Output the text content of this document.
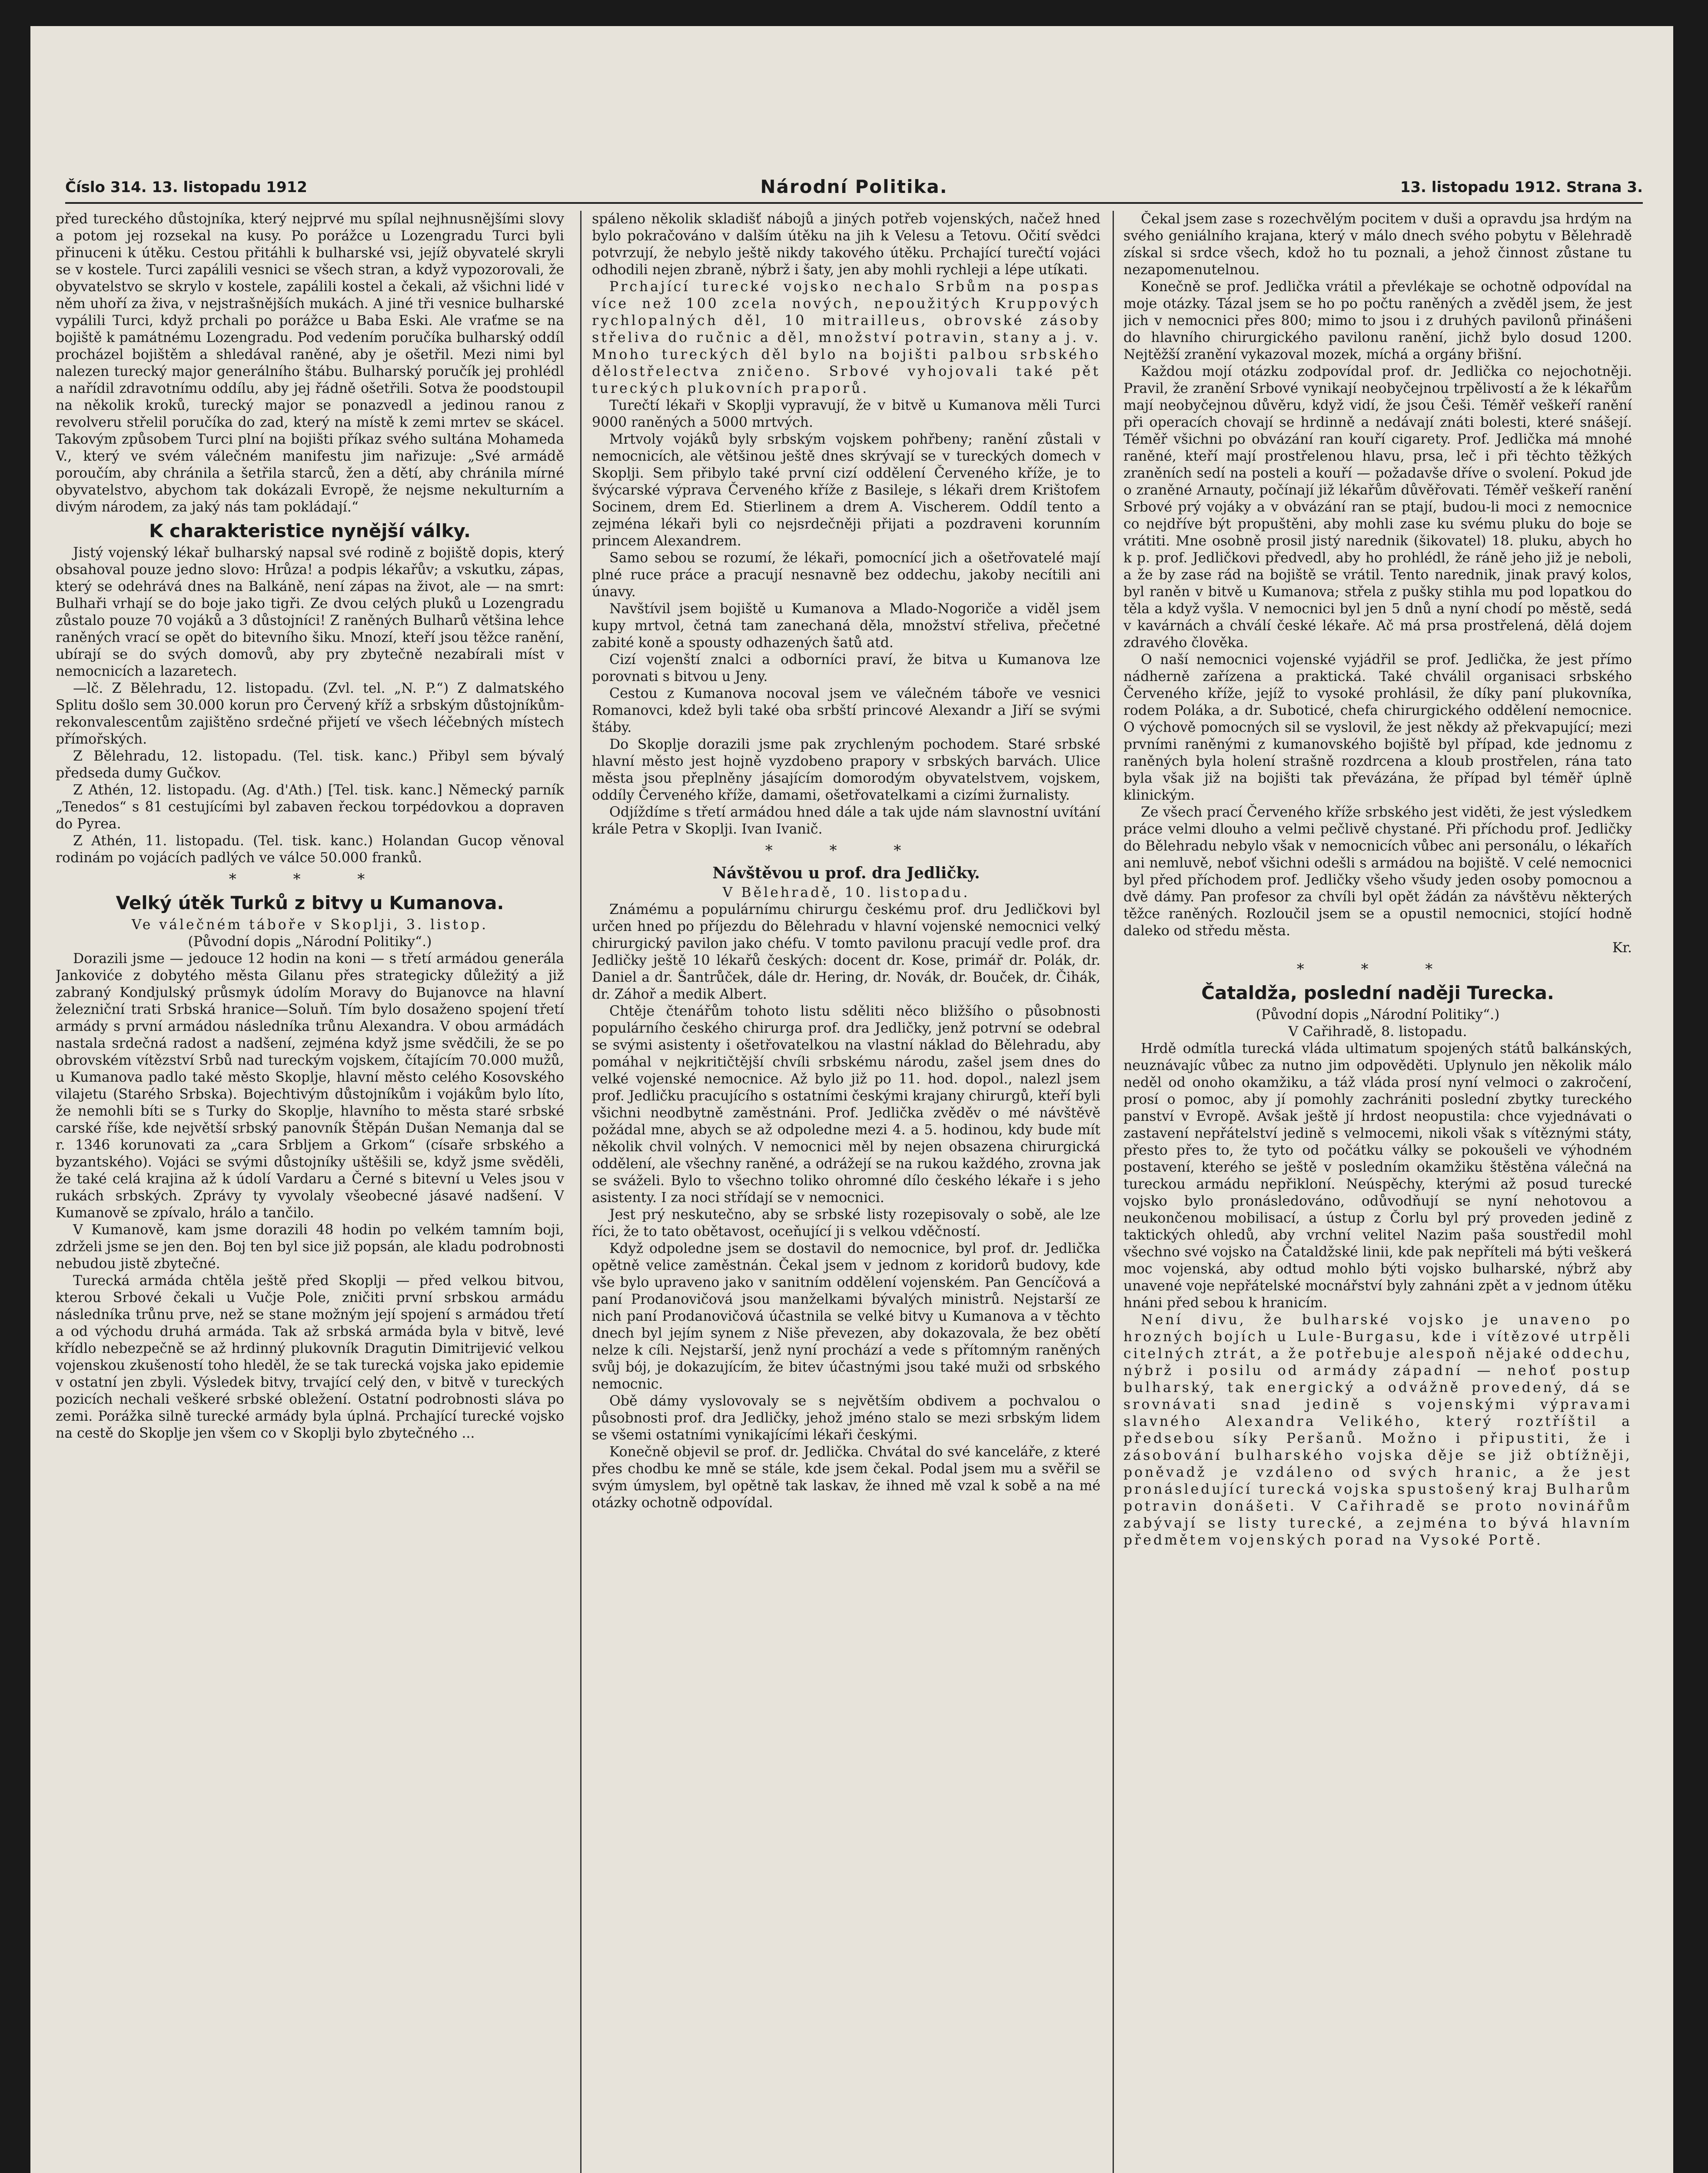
Číslo 314. 13. listopadu 1912	Národní Politika.	13. listopadu 1912. Strana 3.

před tureckého důstojníka, který nejprvé mu spílal nejhnusnějšími slovy a potom jej rozsekal na kusy. Po porážce u Lozengradu Turci byli přinuceni k útěku. Cestou přitáhli k bulharské vsi, jejíž obyvatelé skryli se v kostele. Turci zapálili vesnici se všech stran, a když vypozorovali, že obyvatelstvo se skrylo v kostele, zapálili kostel a čekali, až všichni lidé v něm uhoří za živa, v nejstrašnějších mukách. A jiné tři vesnice bulharské vypálili Turci, když prchali po porážce u Baba Eski. Ale vraťme se na bojiště k památnému Lozengradu. Pod vedením poručíka bulharský oddíl procházel bojištěm a shledával raněné, aby je ošetřil. Mezi nimi byl nalezen turecký major generálního štábu. Bulharský poručík jej prohlédl a nařídil zdravotnímu oddílu, aby jej řádně ošetřili. Sotva že poodstoupil na několik kroků, turecký major se ponazvedl a jedinou ranou z revolveru střelil poručíka do zad, který na místě k zemi mrtev se skácel. Takovým způsobem Turci plní na bojišti příkaz svého sultána Mohameda V., který ve svém válečném manifestu jim nařizuje: „Své armádě poroučím, aby chránila a šetřila starců, žen a dětí, aby chránila mírné obyvatelstvo, abychom tak dokázali Evropě, že nejsme nekulturním a divým národem, za jaký nás tam pokládají.“

K charakteristice nynější války.

Jistý vojenský lékař bulharský napsal své rodině z bojiště dopis, který obsahoval pouze jedno slovo: Hrůza! a podpis lékařův; a vskutku, zápas, který se odehrává dnes na Balkáně, není zápas na život, ale — na smrt: Bulhaři vrhají se do boje jako tigři. Ze dvou celých pluků u Lozengradu zůstalo pouze 70 vojáků a 3 důstojníci! Z raněných Bulharů většina lehce raněných vrací se opět do bitevního šiku. Mnozí, kteří jsou těžce ranění, ubírají se do svých domovů, aby pry zbytečně nezabírali míst v nemocnicích a lazaretech.

—lč. Z Bělehradu, 12. listopadu. (Zvl. tel. „N. P.“) Z dalmatského Splitu došlo sem 30.000 korun pro Červený kříž a srbským důstojníkům-rekonvalescentům zajištěno srdečné přijetí ve všech léčebných místech přímořských.

Z Bělehradu, 12. listopadu. (Tel. tisk. kanc.) Přibyl sem bývalý předseda dumy Gučkov.

Z Athén, 12. listopadu. (Ag. d'Ath.) [Tel. tisk. kanc.] Německý parník „Tenedos“ s 81 cestujícími byl zabaven řeckou torpédovkou a dopraven do Pyrea.

Z Athén, 11. listopadu. (Tel. tisk. kanc.) Holandan Gucop věnoval rodinám po vojácích padlých ve válce 50.000 franků.

* * *

Velký útěk Turků z bitvy u Kumanova.

Ve válečném táboře v Skoplji, 3. listop.

(Původní dopis „Národní Politiky“.)

Dorazili jsme — jedouce 12 hodin na koni — s třetí armádou generála Jankoviće z dobytého města Gilanu přes strategicky důležitý a již zabraný Kondjulský průsmyk údolím Moravy do Bujanovce na hlavní železniční trati Srbská hranice—Soluň. Tím bylo dosaženo spojení třetí armády s první armádou následníka trůnu Alexandra. V obou armádách nastala srdečná radost a nadšení, zejména když jsme svědčili, že se po obrovském vítězství Srbů nad tureckým vojskem, čítajícím 70.000 mužů, u Kumanova padlo také město Skoplje, hlavní město celého Kosovského vilajetu (Starého Srbska). Bojechtivým důstojníkům i vojákům bylo líto, že nemohli bíti se s Turky do Skoplje, hlavního to města staré srbské carské říše, kde největší srbský panovník Štěpán Dušan Nemanja dal se r. 1346 korunovati za „cara Srbljem a Grkom“ (císaře srbského a byzantského). Vojáci se svými důstojníky uštěšili se, když jsme svěděli, že také celá krajina až k údolí Vardaru a Černé s bitevní u Veles jsou v rukách srbských. Zprávy ty vyvolaly všeobecné jásavé nadšení. V Kumanově se zpívalo, hrálo a tančilo.

V Kumanově, kam jsme dorazili 48 hodin po velkém tamním boji, zdrželi jsme se jen den. Boj ten byl sice již popsán, ale kladu podrobnosti nebudou jistě zbytečné.

Turecká armáda chtěla ještě před Skoplji — před velkou bitvou, kterou Srbové čekali u Vučje Pole, zničiti první srbskou armádu následníka trůnu prve, než se stane možným její spojení s armádou třetí a od východu druhá armáda. Tak až srbská armáda byla v bitvě, levé křídlo nebezpečně se až hrdinný plukovník Dragutin Dimitrijević velkou vojenskou zkušeností toho hleděl, že se tak turecká vojska jako epidemie v ostatní jen zbyli. Výsledek bitvy, trvající celý den, v bitvě v tureckých pozicích nechali veškeré srbské obležení. Ostatní podrobnosti sláva po zemi. Porážka silně turecké armády byla úplná. Prchající turecké vojsko na cestě do Skoplje jen všem co v Skoplji bylo zbytečného ...

spáleno několik skladišť nábojů a jiných potřeb vojenských, načež hned bylo pokračováno v dalším útěku na jih k Velesu a Tetovu. Očití svědci potvrzují, že nebylo ještě nikdy takového útěku. Prchající turečtí vojáci odhodili nejen zbraně, nýbrž i šaty, jen aby mohli rychleji a lépe utíkati.

Prchající turecké vojsko nechalo Srbům na pospas více než 100 zcela nových, nepoužitých Kruppových rychlopalných děl, 10 mitrailleus, obrovské zásoby střeliva do ručnic a děl, množství potravin, stany a j. v. Mnoho tureckých děl bylo na bojišti palbou srbského dělostřelectva zničeno. Srbové vyhojovali také pět tureckých plukovních praporů.

Turečtí lékaři v Skoplji vypravují, že v bitvě u Kumanova měli Turci 9000 raněných a 5000 mrtvých.

Mrtvoly vojáků byly srbským vojskem pohřbeny; ranění zůstali v nemocnicích, ale většinou ještě dnes skrývají se v tureckých domech v Skoplji. Sem přibylo také první cizí oddělení Červeného kříže, je to švýcarské výprava Červeného kříže z Basileje, s lékaři drem Krištofem Socinem, drem Ed. Stierlinem a drem A. Vischerem. Oddíl tento a zejména lékaři byli co nejsrdečněji přijati a pozdraveni korunním princem Alexandrem.

Samo sebou se rozumí, že lékaři, pomocnící jich a ošetřovatelé mají plné ruce práce a pracují nesnavně bez oddechu, jakoby necítili ani únavy.

Navštívil jsem bojiště u Kumanova a Mlado-Nogoriče a viděl jsem kupy mrtvol, četná tam zanechaná děla, množství střeliva, přečetné zabité koně a spousty odhazených šatů atd.

Cizí vojenští znalci a odborníci praví, že bitva u Kumanova lze porovnati s bitvou u Jeny.

Cestou z Kumanova nocoval jsem ve válečném táboře ve vesnici Romanovci, kdež byli také oba srbští princové Alexandr a Jiří se svými štáby.

Do Skoplje dorazili jsme pak zrychleným pochodem. Staré srbské hlavní město jest hojně vyzdobeno prapory v srbských barvách. Ulice města jsou přeplněny jásajícím domorodým obyvatelstvem, vojskem, oddíly Červeného kříže, damami, ošetřovatelkami a cizími žurnalisty.

Odjíždíme s třetí armádou hned dále a tak ujde nám slavnostní uvítání krále Petra v Skoplji. Ivan Ivanič.

* * *

Návštěvou u prof. dra Jedličky.

V Bělehradě, 10. listopadu.

Známému a populárnímu chirurgu českému prof. dru Jedličkovi byl určen hned po příjezdu do Bělehradu v hlavní vojenské nemocnici velký chirurgický pavilon jako chéfu. V tomto pavilonu pracují vedle prof. dra Jedličky ještě 10 lékařů českých: docent dr. Kose, primář dr. Polák, dr. Daniel a dr. Šantrůček, dále dr. Hering, dr. Novák, dr. Bouček, dr. Čihák, dr. Záhoř a medik Albert.

Chtěje čtenářům tohoto listu sděliti něco bližšího o působnosti populárního českého chirurga prof. dra Jedličky, jenž potrvní se odebral se svými asistenty i ošetřovatelkou na vlastní náklad do Bělehradu, aby pomáhal v nejkritičtější chvíli srbskému národu, zašel jsem dnes do velké vojenské nemocnice. Až bylo již po 11. hod. dopol., nalezl jsem prof. Jedličku pracujícího s ostatními českými krajany chirurgů, kteří byli všichni neodbytně zaměstnáni. Prof. Jedlička zvěděv o mé návštěvě požádal mne, abych se až odpoledne mezi 4. a 5. hodinou, kdy bude mít několik chvil volných. V nemocnici měl by nejen obsazena chirurgická oddělení, ale všechny raněné, a odrážejí se na rukou každého, zrovna jak se sváželi. Bylo to všechno toliko ohromné dílo českého lékaře i s jeho asistenty. I za noci střídají se v nemocnici.

Jest prý neskutečno, aby se srbské listy rozepisovaly o sobě, ale lze říci, že to tato obětavost, oceňující ji s velkou vděčností.

Když odpoledne jsem se dostavil do nemocnice, byl prof. dr. Jedlička opětně velice zaměstnán. Čekal jsem v jednom z koridorů budovy, kde vše bylo upraveno jako v sanitním oddělení vojenském. Pan Gencíčová a paní Prodanovičová jsou manželkami bývalých ministrů. Nejstarší ze nich paní Prodanovičová účastnila se velké bitvy u Kumanova a v těchto dnech byl jejím synem z Niše převezen, aby dokazovala, že bez obětí nelze k cíli. Nejstarší, jenž nyní prochází a vede s přítomným raněných svůj bój, je dokazujícím, že bitev účastnými jsou také muži od srbského nemocnic.

Obě dámy vyslovovaly se s největším obdivem a pochvalou o působnosti prof. dra Jedličky, jehož jméno stalo se mezi srbským lidem se všemi ostatními vynikajícími lékaři českými.

Konečně objevil se prof. dr. Jedlička. Chvátal do své kanceláře, z které přes chodbu ke mně se stále, kde jsem čekal. Podal jsem mu a svěřil se svým úmyslem, byl opětně tak laskav, že ihned mě vzal k sobě a na mé otázky ochotně odpovídal.

Čekal jsem zase s rozechvělým pocitem v duši a opravdu jsa hrdým na svého geniálního krajana, který v málo dnech svého pobytu v Bělehradě získal si srdce všech, kdož ho tu poznali, a jehož činnost zůstane tu nezapomenutelnou.

Konečně se prof. Jedlička vrátil a převlékaje se ochotně odpovídal na moje otázky. Tázal jsem se ho po počtu raněných a zvěděl jsem, že jest jich v nemocnici přes 800; mimo to jsou i z druhých pavilonů přinášeni do hlavního chirurgického pavilonu ranění, jichž bylo dosud 1200. Nejtěžší zranění vykazoval mozek, míchá a orgány břišní.

Každou mojí otázku zodpovídal prof. dr. Jedlička co nejochotněji. Pravil, že zranění Srbové vynikají neobyčejnou trpělivostí a že k lékařům mají neobyčejnou důvěru, když vidí, že jsou Češi. Téměř veškeří ranění při operacích chovají se hrdinně a nedávají znáti bolesti, které snášejí. Téměř všichni po obvázání ran kouří cigarety. Prof. Jedlička má mnohé raněné, kteří mají prostřelenou hlavu, prsa, leč i při těchto těžkých zraněních sedí na posteli a kouří — požadavše dříve o svolení. Pokud jde o zraněné Arnauty, počínají již lékařům důvěřovati. Téměř veškeří ranění Srbové prý vojáky a v obvázání ran se ptají, budou-li moci z nemocnice co nejdříve být propuštěni, aby mohli zase ku svému pluku do boje se vrátiti. Mne osobně prosil jistý narednik (šikovatel) 18. pluku, abych ho k p. prof. Jedličkovi předvedl, aby ho prohlédl, že ráně jeho již je neboli, a že by zase rád na bojiště se vrátil. Tento narednik, jinak pravý kolos, byl raněn v bitvě u Kumanova; střela z pušky stihla mu pod lopatkou do těla a když vyšla. V nemocnici byl jen 5 dnů a nyní chodí po městě, sedá v kavárnách a chválí české lékaře. Ač má prsa prostřelená, dělá dojem zdravého člověka.

O naší nemocnici vojenské vyjádřil se prof. Jedlička, že jest přímo nádherně zařízena a praktická. Také chválil organisaci srbského Červeného kříže, jejíž to vysoké prohlásil, že díky paní plukovníka, rodem Poláka, a dr. Suboticé, chefa chirurgického oddělení nemocnice. O výchově pomocných sil se vyslovil, že jest někdy až překvapující; mezi prvními raněnými z kumanovského bojiště byl případ, kde jednomu z raněných byla holení strašně rozdrcena a kloub prostřelen, rána tato byla však již na bojišti tak převázána, že případ byl téměř úplně klinickým.

Ze všech prací Červeného kříže srbského jest viděti, že jest výsledkem práce velmi dlouho a velmi pečlivě chystané. Při příchodu prof. Jedličky do Bělehradu nebylo však v nemocnicích vůbec ani personálu, o lékařích ani nemluvě, neboť všichni odešli s armádou na bojiště. V celé nemocnici byl před příchodem prof. Jedličky všeho všudy jeden osoby pomocnou a dvě dámy. Pan profesor za chvíli byl opět žádán za návštěvu některých těžce raněných. Rozloučil jsem se a opustil nemocnici, stojící hodně daleko od středu města.

Kr.

* * *

Čataldža, poslední naději Turecka.

(Původní dopis „Národní Politiky“.)

V Cařihradě, 8. listopadu.

Hrdě odmítla turecká vláda ultimatum spojených států balkánských, neuznávajíc vůbec za nutno jim odpověděti. Uplynulo jen několik málo neděl od onoho okamžiku, a táž vláda prosí nyní velmoci o zakročení, prosí o pomoc, aby jí pomohly zachrániti poslední zbytky tureckého panství v Evropě. Avšak ještě jí hrdost neopustila: chce vyjednávati o zastavení nepřátelství jedině s velmocemi, nikoli však s vítěznými státy, přesto přes to, že tyto od počátku války se pokoušeli ve výhodném postavení, kterého se ještě v posledním okamžiku štěstěna válečná na tureckou armádu nepřikloní. Neúspěchy, kterými až posud turecké vojsko bylo pronásledováno, odůvodňují se nyní nehotovou a neukončenou mobilisací, a ústup z Čorlu byl prý proveden jedině z taktických ohledů, aby vrchní velitel Nazim paša soustředil mohl všechno své vojsko na Čataldžské linii, kde pak nepříteli má býti veškerá moc vojenská, aby odtud mohlo býti vojsko bulharské, nýbrž aby unavené voje nepřátelské mocnářství byly zahnáni zpět a v jednom útěku hnáni před sebou k hranicím.

Není divu, že bulharské vojsko je unaveno po hrozných bojích u Lule-Burgasu, kde i vítězové utrpěli citelných ztrát, a že potřebuje alespoň nějaké oddechu, nýbrž i posilu od armády západní — nehoť postup bulharský, tak energický a odvážně provedený, dá se srovnávati snad jedině s vojenskými výpravami slavného Alexandra Velikého, který roztříštil a předsebou síky Peršanů. Možno i připustiti, že i zásobování bulharského vojska děje se již obtížněji, poněvadž je vzdáleno od svých hranic, a že jest pronásledující turecká vojska spustošený kraj Bulharům potravin donášeti. V Cařihradě se proto novinářům zabývají se listy turecké, a zejména to bývá hlavním předmětem vojenských porad na Vysoké Portě.
